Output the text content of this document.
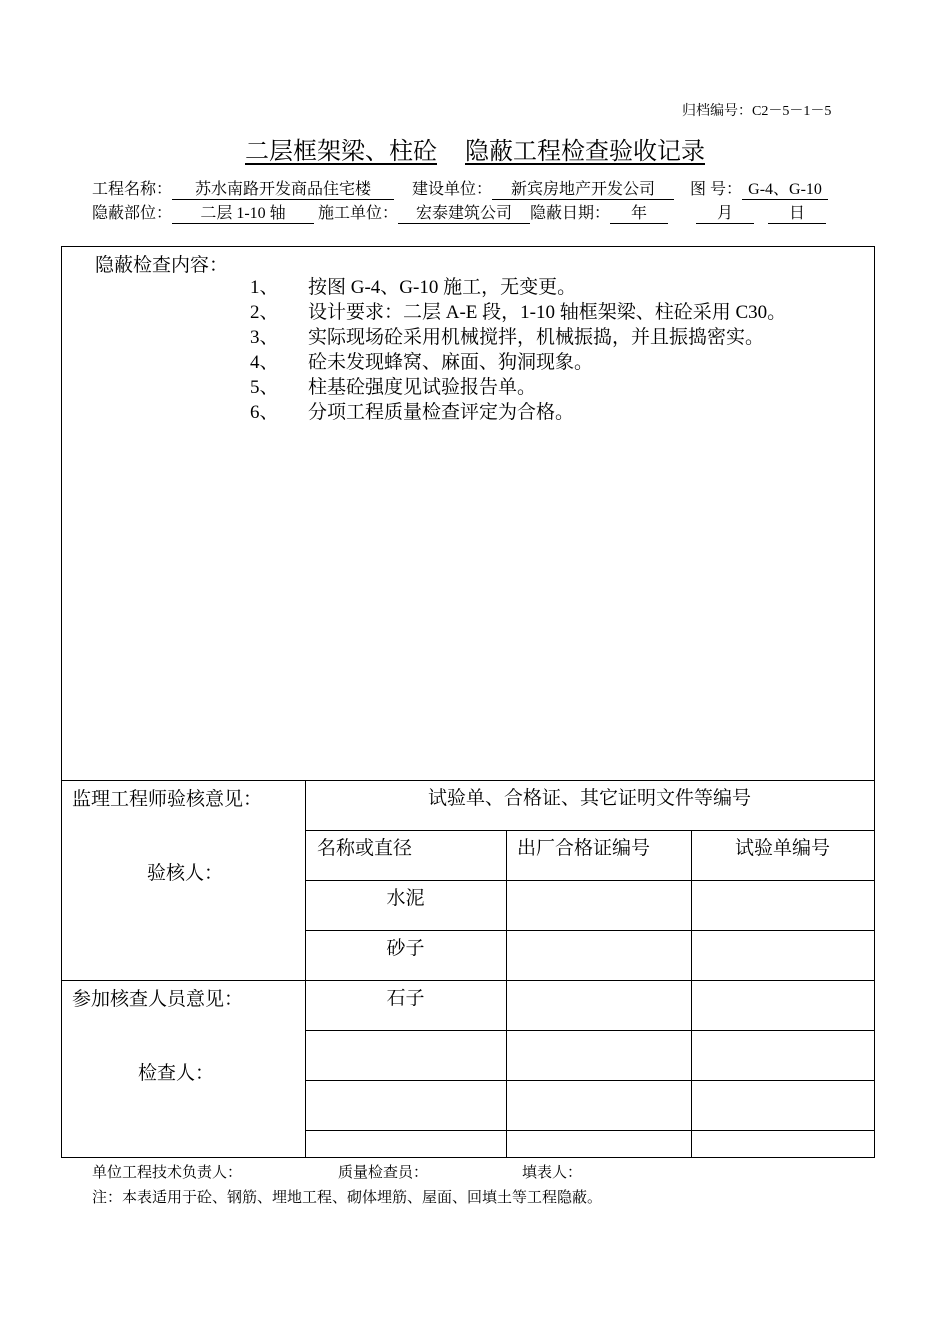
归档编号：C2－5－1－5
二层框架梁、柱砼 隐蔽工程检查验收记录
工程名称： 苏水南路开发商品住宅楼	建设单位： 新宾房地产开发公司 图 号： G-4、G-10
隐蔽部位： 二层 1-10 轴 施工单位： 宏泰建筑公司 隐蔽日期： 年	月	日
隐蔽检查内容：
1、 按图 G-4、G-10 施工，无变更。
2、 设计要求：二层 A-E 段，1-10 轴框架梁、柱砼采用 C30。
3、 实际现场砼采用机械搅拌，机械振捣，并且振捣密实。
4、 砼未发现蜂窝、麻面、狗洞现象。
5、 柱基砼强度见试验报告单。
6、 分项工程质量检查评定为合格。
监理工程师验核意见：
验核人：
参加核查人员意见：
检查人：
试验单、合格证、其它证明文件等编号
名称或直径	出厂合格证编号	试验单编号
水泥
砂子
石子
单位工程技术负责人：	质量检查员：	填表人：
注：本表适用于砼、钢筋、埋地工程、砌体埋筋、屋面、回填土等工程隐蔽。
